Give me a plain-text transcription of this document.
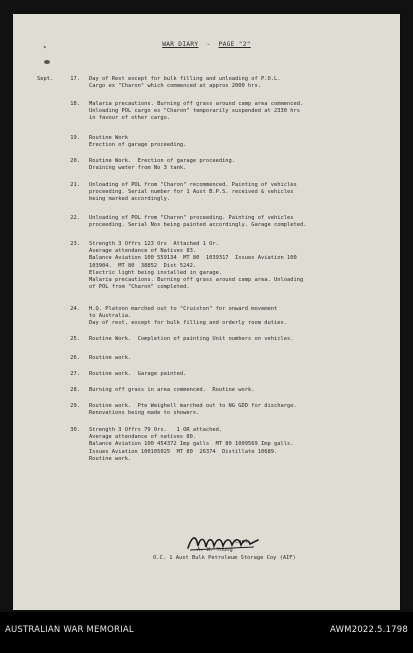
*
WAR DIARY  -  PAGE "2"
Sept.	17. Day of Rest except for bulk filling and unloading of P.O.L.
Cargo ex "Charon" which commenced at approx 2000 hrs.
18. Malaria precautions. Burning off grass around camp area commenced.
Unloading POL cargo ex "Charon" temporarily suspended at 2330 hrs
in favour of other cargo.
19. Routine Work
Erection of garage proceeding.
20. Routine Work.  Erection of garage proceeding.
Draining water from No 3 tank.
21. Unloading of POL from "Charon" recommenced. Painting of vehicles
proceeding. Serial number for 1 Aust B.P.S. received & vehicles
being marked accordingly.
22. Unloading of POL from "Charon" proceeding. Painting of vehicles
proceeding. Serial Nos being painted accordingly. Garage completed.
23. Strength 3 Offrs 123 Ors  Attached 1 Or.
Average attendance of Natives 83.
Balance Aviation 100 559134  MT 80  1039317  Issues Aviation 100
103904.  MT 80  38852  Dist 5242.
Electric light being installed in garage.
Malaria precautions. Burning off grass around camp area. Unloading
of POL from "Charon" completed.
24. H.Q. Platoon marched out to "Cruiston" for onward movement
to Australia.
Day of rest, except for bulk filling and orderly room duties.
25. Routine Work.  Completion of painting Unit numbers on vehicles.
26. Routine work.
27. Routine work.  Garage painted.
28. Burning off grass in area commenced.  Routine work.
29. Routine work.  Pte Weighell marched out to NG GDD for discharge.
Renovations being made to showers.
30. Strength 3 Offrs 79 Ors.   1 OR attached.
Average attendance of natives 80.
Balance Aviation 100 454372 Imp galls  MT 80 1009569 Imp galls.
Issues Aviation 100105025  MT 80  26374  Distillate 10689.
Routine work.
Capt.
A. W. Young
O.C. 1 Aust Bulk Petroleum Storage Coy (AIF)
AUSTRALIAN WAR MEMORIAL	AWM2022.5.1798
